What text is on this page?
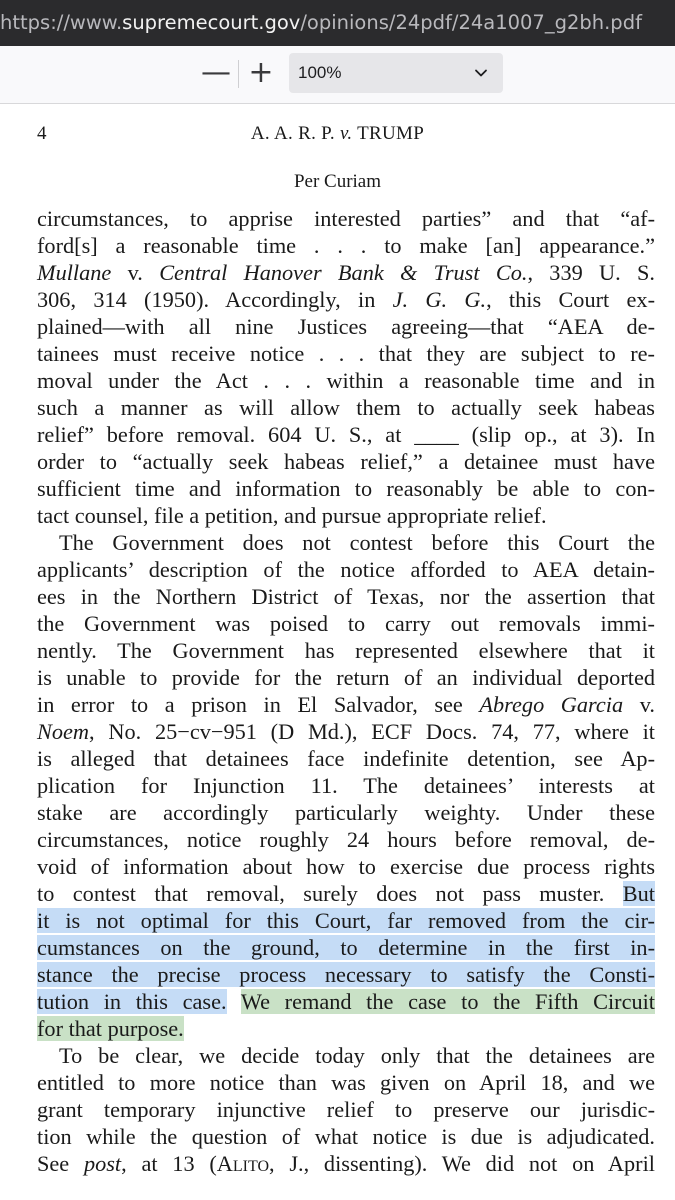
https://www.supremecourt.gov/opinions/24pdf/24a1007_g2bh.pdf
— +	100%
4	A. A. R. P. v. TRUMP
Per Curiam
circumstances, to apprise interested parties” and that “af-
ford[s] a reasonable time . . . to make [an] appearance.”
Mullane v. Central Hanover Bank & Trust Co., 339 U. S.
306, 314 (1950). Accordingly, in J. G. G., this Court ex-
plained—with all nine Justices agreeing—that “AEA de-
tainees must receive notice . . . that they are subject to re-
moval under the Act . . . within a reasonable time and in
such a manner as will allow them to actually seek habeas
relief” before removal. 604 U. S., at ____ (slip op., at 3). In
order to “actually seek habeas relief,” a detainee must have
sufficient time and information to reasonably be able to con-
tact counsel, file a petition, and pursue appropriate relief.
The Government does not contest before this Court the
applicants’ description of the notice afforded to AEA detain-
ees in the Northern District of Texas, nor the assertion that
the Government was poised to carry out removals immi-
nently. The Government has represented elsewhere that it
is unable to provide for the return of an individual deported
in error to a prison in El Salvador, see Abrego Garcia v.
Noem, No. 25−cv−951 (D Md.), ECF Docs. 74, 77, where it
is alleged that detainees face indefinite detention, see Ap-
plication for Injunction 11. The detainees’ interests at
stake are accordingly particularly weighty. Under these
circumstances, notice roughly 24 hours before removal, de-
void of information about how to exercise due process rights
to contest that removal, surely does not pass muster. But
it is not optimal for this Court, far removed from the cir-
cumstances on the ground, to determine in the first in-
stance the precise process necessary to satisfy the Consti-
tution in this case. We remand the case to the Fifth Circuit
for that purpose.
To be clear, we decide today only that the detainees are
entitled to more notice than was given on April 18, and we
grant temporary injunctive relief to preserve our jurisdic-
tion while the question of what notice is due is adjudicated.
See post, at 13 (Alito, J., dissenting). We did not on April
